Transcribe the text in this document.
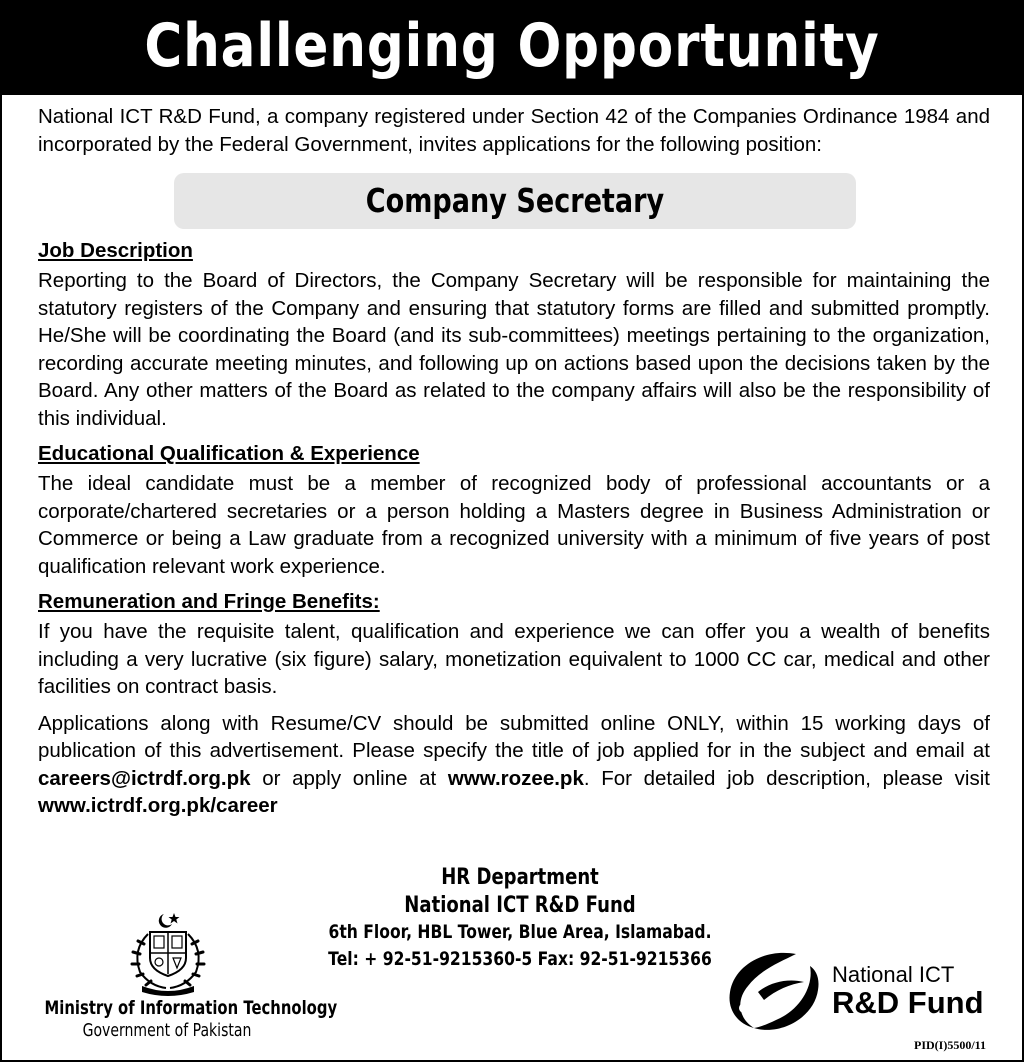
Challenging Opportunity

National ICT R&D Fund, a company registered under Section 42 of the Companies Ordinance 1984 and incorporated by the Federal Government, invites applications for the following position:

Company Secretary
Job Description

Reporting to the Board of Directors, the Company Secretary will be responsible for maintaining the statutory registers of the Company and ensuring that statutory forms are filled and submitted promptly. He/She will be coordinating the Board (and its sub-committees) meetings pertaining to the organization, recording accurate meeting minutes, and following up on actions based upon the decisions taken by the Board. Any other matters of the Board as related to the company affairs will also be the responsibility of this individual.

Educational Qualification & Experience

The ideal candidate must be a member of recognized body of professional accountants or a corporate/chartered secretaries or a person holding a Masters degree in Business Administration or Commerce or being a Law graduate from a recognized university with a minimum of five years of post qualification relevant work experience.

Remuneration and Fringe Benefits:

If you have the requisite talent, qualification and experience we can offer you a wealth of benefits including a very lucrative (six figure) salary, monetization equivalent to 1000 CC car, medical and other facilities on contract basis.

Applications along with Resume/CV should be submitted online ONLY, within 15 working days of publication of this advertisement. Please specify the title of job applied for in the subject and email at careers@ictrdf.org.pk or apply online at www.rozee.pk. For detailed job description, please visit www.ictrdf.org.pk/career

HR Department
National ICT R&D Fund
6th Floor, HBL Tower, Blue Area, Islamabad.
Tel: + 92-51-9215360-5 Fax: 92-51-9215366
Ministry of Information Technology
Government of Pakistan
National ICT
R&D Fund
PID(I)5500/11
